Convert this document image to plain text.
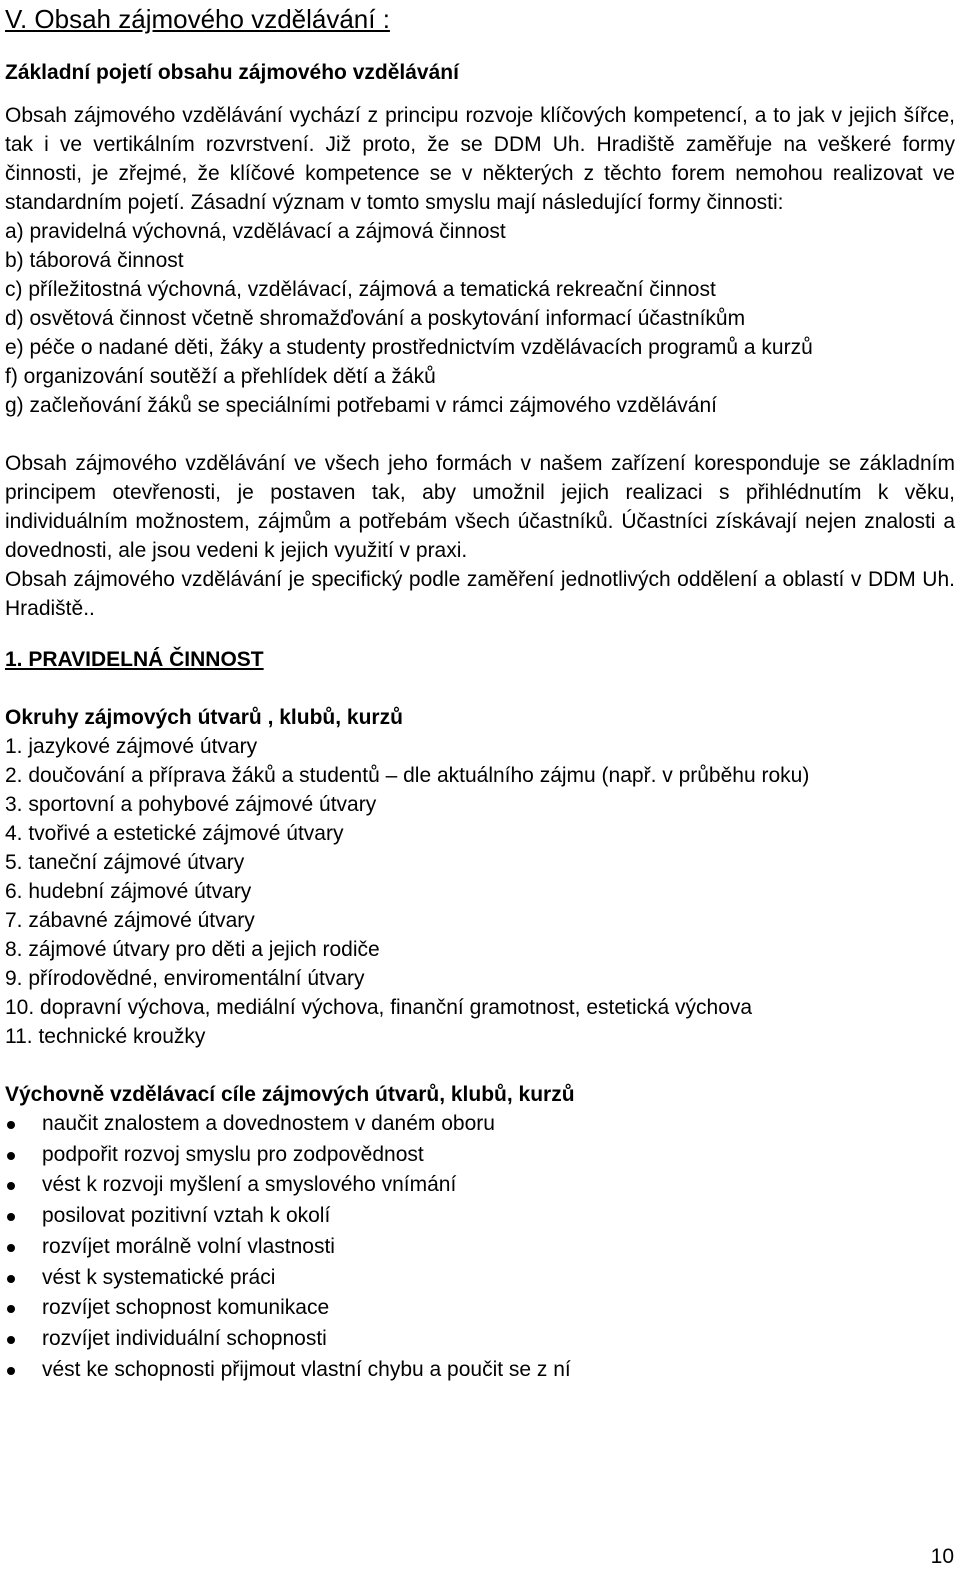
V. Obsah zájmového vzdělávání :
Základní pojetí obsahu zájmového vzdělávání

Obsah zájmového vzdělávání vychází z principu rozvoje klíčových kompetencí, a to jak v jejich šířce, tak i ve vertikálním rozvrstvení. Již proto, že se DDM Uh. Hradiště zaměřuje na veškeré formy činnosti, je zřejmé, že klíčové kompetence se v některých z těchto forem nemohou realizovat ve standardním pojetí. Zásadní význam v tomto smyslu mají následující formy činnosti:

a) pravidelná výchovná, vzdělávací a zájmová činnost
b) táborová činnost
c) příležitostná výchovná, vzdělávací, zájmová a tematická rekreační činnost
d) osvětová činnost včetně shromažďování a poskytování informací účastníkům

e) péče o nadané děti, žáky a studenty prostřednictvím vzdělávacích programů a kurzů

f) organizování soutěží a přehlídek dětí a žáků
g) začleňování žáků se speciálními potřebami v rámci zájmového vzdělávání

Obsah zájmového vzdělávání ve všech jeho formách v našem zařízení koresponduje se základním principem otevřenosti, je postaven tak, aby umožnil jejich realizaci s přihlédnutím k věku, individuálním možnostem, zájmům a potřebám všech účastníků. Účastníci získávají nejen znalosti a dovednosti, ale jsou vedeni k jejich využití v praxi.

Obsah zájmového vzdělávání je specifický podle zaměření jednotlivých oddělení a oblastí v DDM Uh. Hradiště..

1. PRAVIDELNÁ ČINNOST
Okruhy zájmových útvarů , klubů, kurzů
1. jazykové zájmové útvary

2. doučování a příprava žáků a studentů – dle aktuálního zájmu (např. v průběhu roku)

3. sportovní a pohybové zájmové útvary
4. tvořivé a estetické zájmové útvary
5. taneční zájmové útvary
6. hudební zájmové útvary
7. zábavné zájmové útvary
8. zájmové útvary pro děti a jejich rodiče
9. přírodovědné, enviromentální útvary
10. dopravní výchova, mediální výchova, finanční gramotnost, estetická výchova
11. technické kroužky
Výchovně vzdělávací cíle zájmových útvarů, klubů, kurzů
naučit znalostem a dovednostem v daném oboru
podpořit rozvoj smyslu pro zodpovědnost
vést k rozvoji myšlení a smyslového vnímání
posilovat pozitivní vztah k okolí
rozvíjet morálně volní vlastnosti
vést k systematické práci
rozvíjet schopnost komunikace
rozvíjet individuální schopnosti
vést ke schopnosti přijmout vlastní chybu a poučit se z ní
10
